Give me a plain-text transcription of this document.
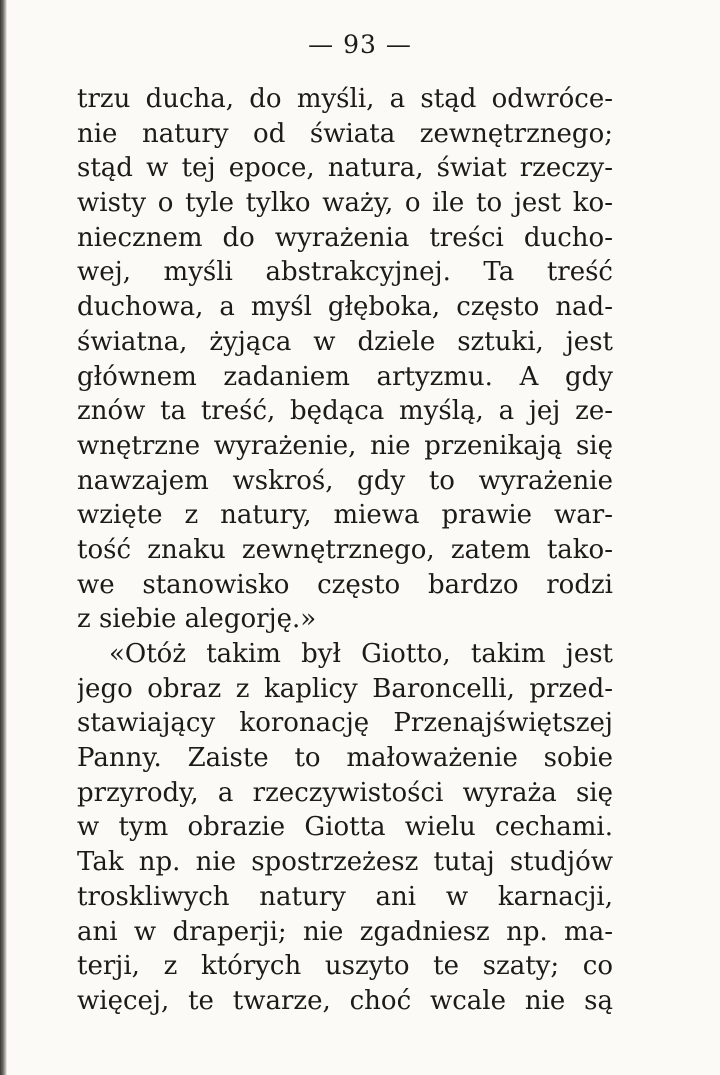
— 93 —
trzu ducha, do myśli, a stąd odwróce-
nie natury od świata zewnętrznego;
stąd w tej epoce, natura, świat rzeczy-
wisty o tyle tylko waży, o ile to jest ko-
niecznem do wyrażenia treści ducho-
wej, myśli abstrakcyjnej. Ta treść
duchowa, a myśl głęboka, często nad-
światna, żyjąca w dziele sztuki, jest
głównem zadaniem artyzmu. A gdy
znów ta treść, będąca myślą, a jej ze-
wnętrzne wyrażenie, nie przenikają się
nawzajem wskroś, gdy to wyrażenie
wzięte z natury, miewa prawie war-
tość znaku zewnętrznego, zatem tako-
we stanowisko często bardzo rodzi
z siebie alegorję.»
«Otóż takim był Giotto, takim jest
jego obraz z kaplicy Baroncelli, przed-
stawiający koronację Przenajświętszej
Panny. Zaiste to małoważenie sobie
przyrody, a rzeczywistości wyraża się
w tym obrazie Giotta wielu cechami.
Tak np. nie spostrzeżesz tutaj studjów
troskliwych natury ani w karnacji,
ani w draperji; nie zgadniesz np. ma-
terji, z których uszyto te szaty; co
więcej, te twarze, choć wcale nie są
